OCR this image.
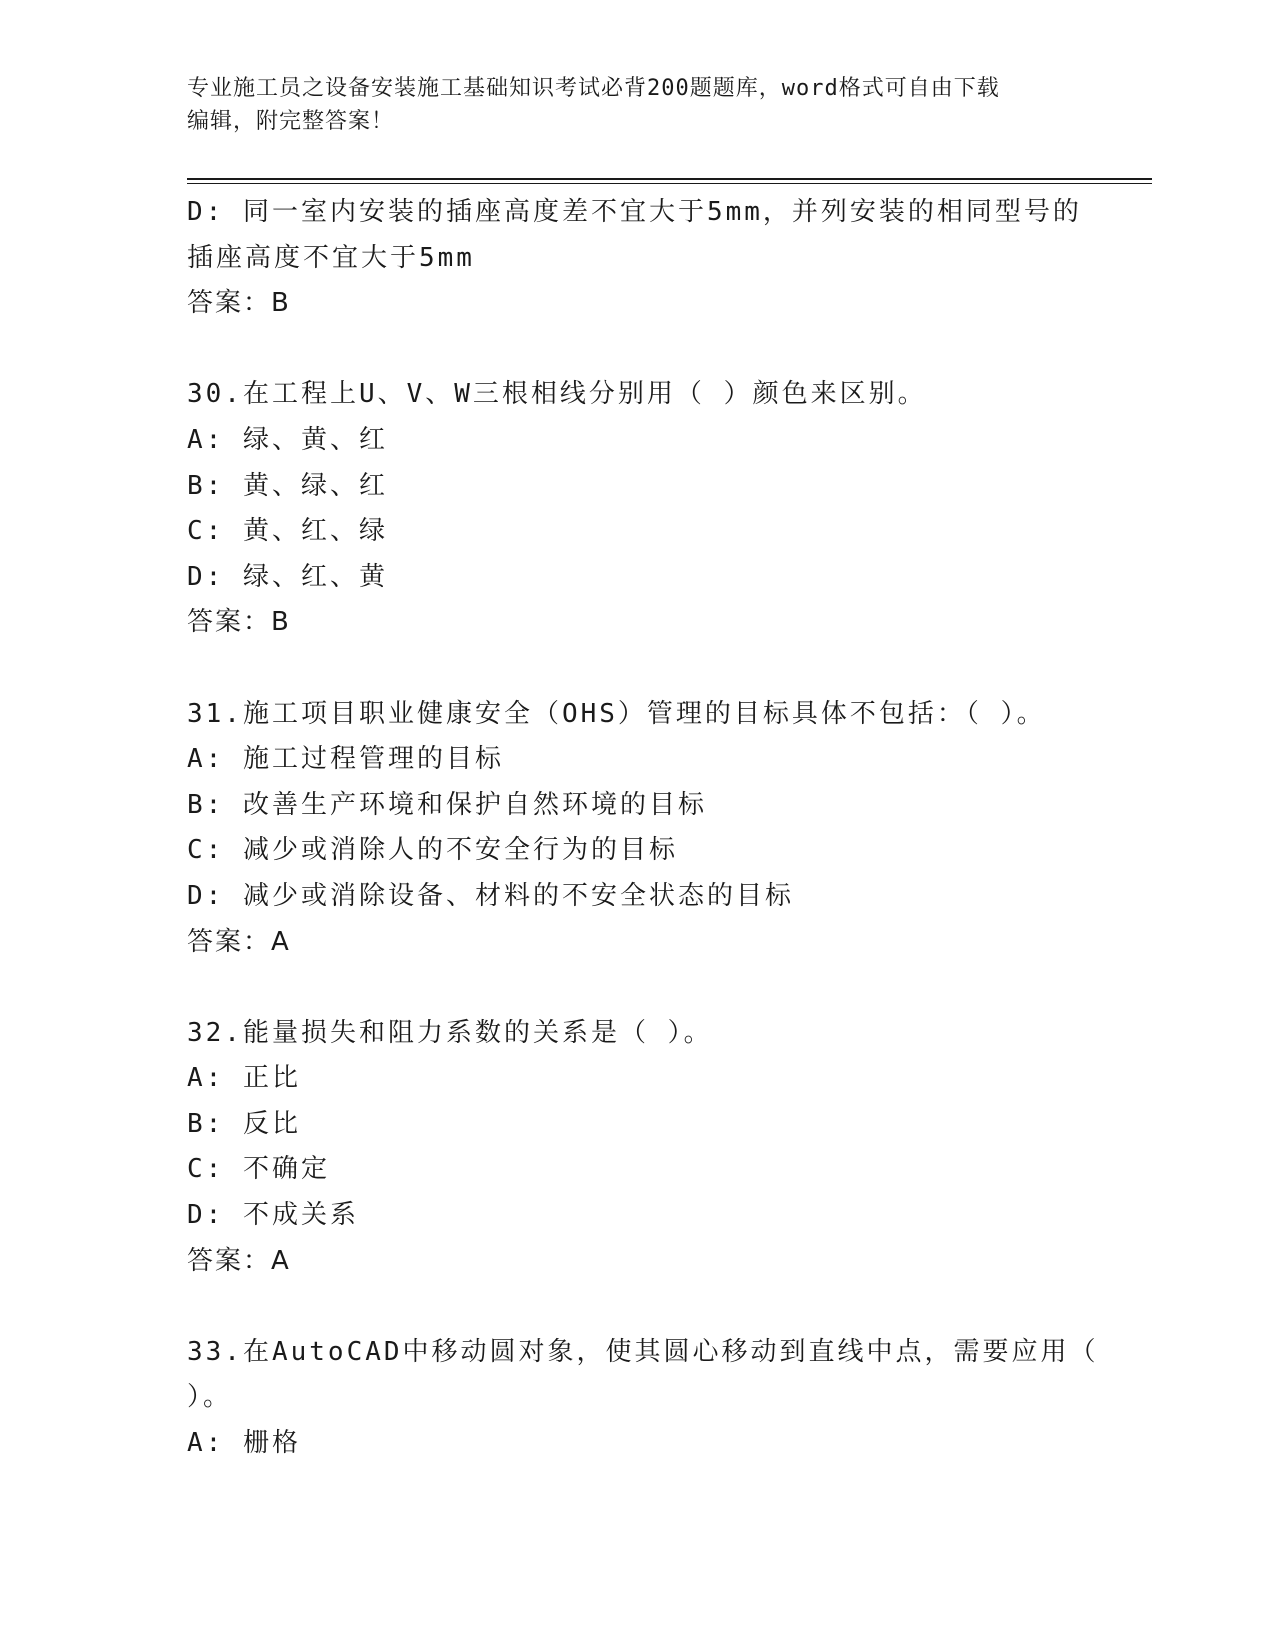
专业施工员之设备安装施工基础知识考试必背200题题库，word格式可自由下载
编辑，附完整答案！
D: 同一室内安装的插座高度差不宜大于5mm，并列安装的相同型号的
插座高度不宜大于5mm
答案：B
30.在工程上U、V、W三根相线分别用（ ）颜色来区别。
A: 绿、黄、红
B: 黄、绿、红
C: 黄、红、绿
D: 绿、红、黄
答案：B
31.施工项目职业健康安全（OHS）管理的目标具体不包括：（ ）。
A: 施工过程管理的目标
B: 改善生产环境和保护自然环境的目标
C: 减少或消除人的不安全行为的目标
D: 减少或消除设备、材料的不安全状态的目标
答案：A
32.能量损失和阻力系数的关系是（ ）。
A: 正比
B: 反比
C: 不确定
D: 不成关系
答案：A
33.在AutoCAD中移动圆对象，使其圆心移动到直线中点，需要应用（
）。
A: 栅格
